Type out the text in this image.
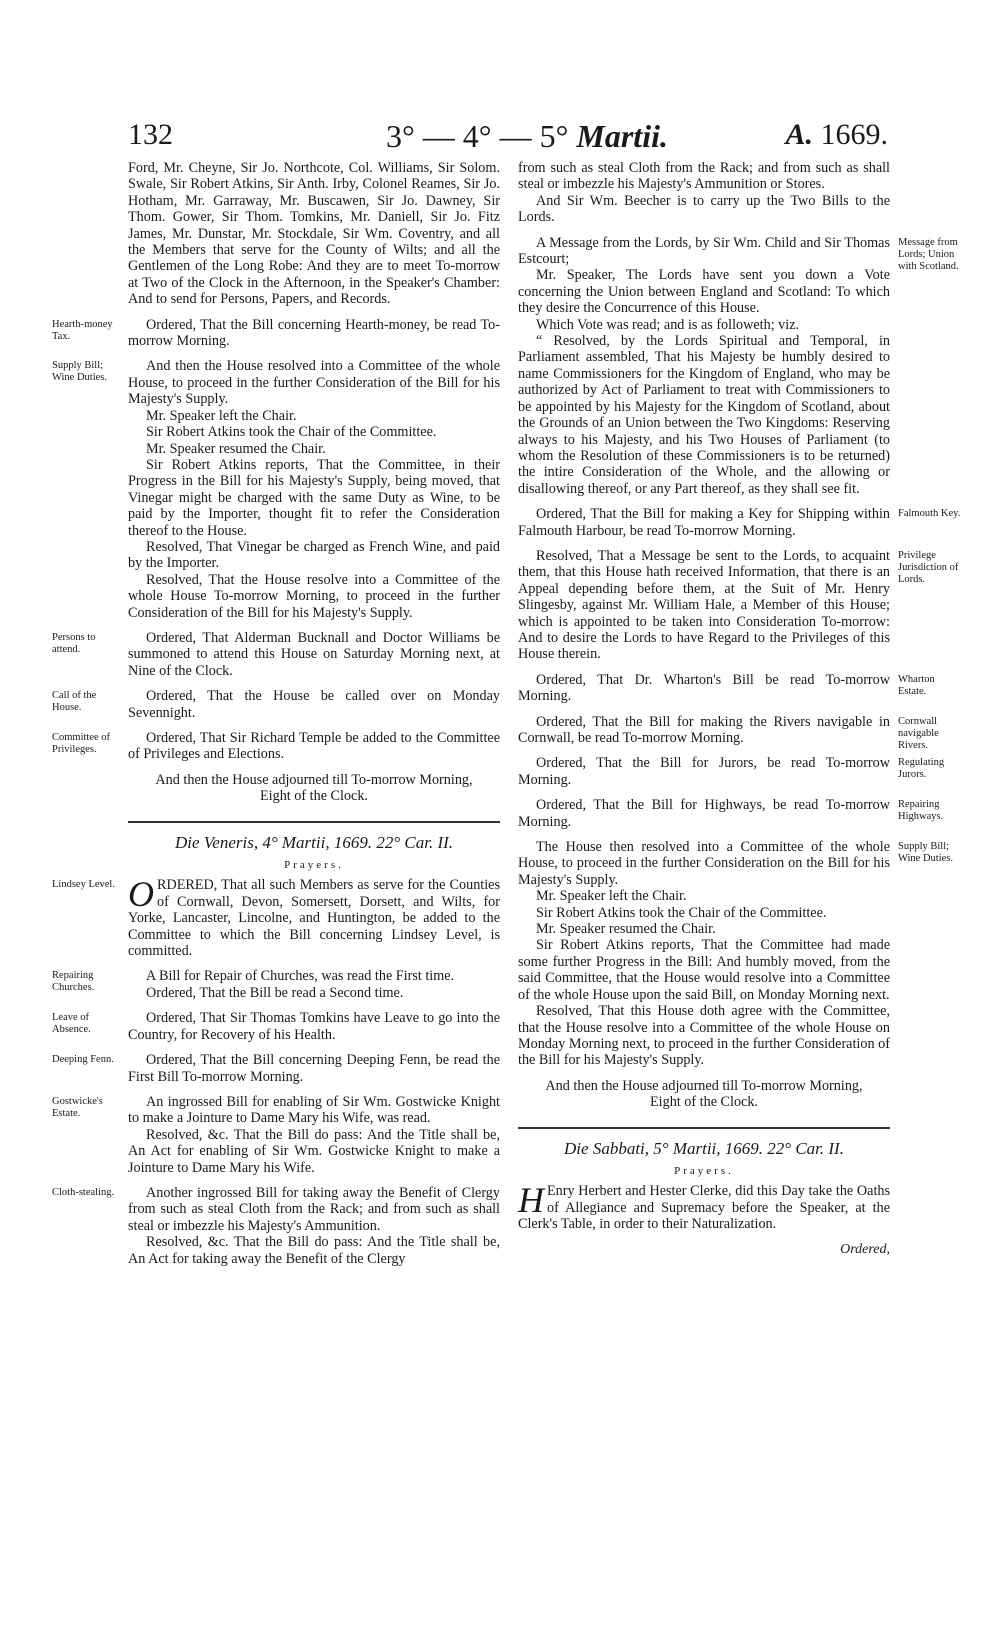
132	3° — 4° — 5° Martii.	A. 1669.

Ford, Mr. Cheyne, Sir Jo. Northcote, Col. Williams, Sir Solom. Swale, Sir Robert Atkins, Sir Anth. Irby, Colonel Reames, Sir Jo. Hotham, Mr. Garraway, Mr. Buscawen, Sir Jo. Dawney, Sir Thom. Gower, Sir Thom. Tomkins, Mr. Daniell, Sir Jo. Fitz James, Mr. Dunstar, Mr. Stockdale, Sir Wm. Coventry, and all the Members that serve for the County of Wilts; and all the Gentlemen of the Long Robe: And they are to meet To-morrow at Two of the Clock in the Afternoon, in the Speaker's Chamber: And to send for Persons, Papers, and Records.

Hearth-money Tax.

Ordered, That the Bill concerning Hearth-money, be read To-morrow Morning.

Supply Bill; Wine Duties.

And then the House resolved into a Committee of the whole House, to proceed in the further Consideration of the Bill for his Majesty's Supply.

Mr. Speaker left the Chair.

Sir Robert Atkins took the Chair of the Committee.

Mr. Speaker resumed the Chair.

Sir Robert Atkins reports, That the Committee, in their Progress in the Bill for his Majesty's Supply, being moved, that Vinegar might be charged with the same Duty as Wine, to be paid by the Importer, thought fit to refer the Consideration thereof to the House.

Resolved, That Vinegar be charged as French Wine, and paid by the Importer.

Resolved, That the House resolve into a Committee of the whole House To-morrow Morning, to proceed in the further Consideration of the Bill for his Majesty's Supply.

Persons to attend.

Ordered, That Alderman Bucknall and Doctor Williams be summoned to attend this House on Saturday Morning next, at Nine of the Clock.

Call of the House.

Ordered, That the House be called over on Monday Sevennight.

Committee of Privileges.

Ordered, That Sir Richard Temple be added to the Committee of Privileges and Elections.

And then the House adjourned till To-morrow Morning, Eight of the Clock.

Die Veneris, 4° Martii, 1669. 22° Car. II.
Prayers.
Lindsey Level. ORDERED, That all such Members as serve for the Counties of Cornwall, Devon, Somersett, Dorsett, and Wilts, for Yorke, Lancaster, Lincolne, and Huntington, be added to the Committee to which the Bill concerning Lindsey Level, is committed.

Repairing Churches.

A Bill for Repair of Churches, was read the First time.

Ordered, That the Bill be read a Second time.

Leave of Absence.

Ordered, That Sir Thomas Tomkins have Leave to go into the Country, for Recovery of his Health.

Deeping Fenn.	Ordered, That the Bill concerning Deeping Fenn, be read the First Bill To-morrow Morning.

Gostwicke's Estate.

An ingrossed Bill for enabling of Sir Wm. Gostwicke Knight to make a Jointure to Dame Mary his Wife, was read.

Resolved, &c. That the Bill do pass: And the Title shall be, An Act for enabling of Sir Wm. Gostwicke Knight to make a Jointure to Dame Mary his Wife.

Cloth-stealing.	Another ingrossed Bill for taking away the Benefit of Clergy from such as steal Cloth from the Rack; and from such as shall steal or imbezzle his Majesty's Ammunition.

Resolved, &c. That the Bill do pass: And the Title shall be, An Act for taking away the Benefit of the Clergy

from such as steal Cloth from the Rack; and from such as shall steal or imbezzle his Majesty's Ammunition or Stores.

And Sir Wm. Beecher is to carry up the Two Bills to the Lords.

Message from Lords; Union with Scotland.

A Message from the Lords, by Sir Wm. Child and Sir Thomas Estcourt;

Mr. Speaker, The Lords have sent you down a Vote concerning the Union between England and Scotland: To which they desire the Concurrence of this House.

Which Vote was read; and is as followeth; viz.

“ Resolved, by the Lords Spiritual and Temporal, in Parliament assembled, That his Majesty be humbly desired to name Commissioners for the Kingdom of England, who may be authorized by Act of Parliament to treat with Commissioners to be appointed by his Majesty for the Kingdom of Scotland, about the Grounds of an Union between the Two Kingdoms: Reserving always to his Majesty, and his Two Houses of Parliament (to whom the Resolution of these Commissioners is to be returned) the intire Consideration of the Whole, and the allowing or disallowing thereof, or any Part thereof, as they shall see fit.

Falmouth Key.

Ordered, That the Bill for making a Key for Shipping within Falmouth Harbour, be read To-morrow Morning.

Privilege Jurisdiction of Lords.

Resolved, That a Message be sent to the Lords, to acquaint them, that this House hath received Information, that there is an Appeal depending before them, at the Suit of Mr. Henry Slingesby, against Mr. William Hale, a Member of this House; which is appointed to be taken into Consideration To-morrow: And to desire the Lords to have Regard to the Privileges of this House therein.

Wharton Estate.

Ordered, That Dr. Wharton's Bill be read To-morrow Morning.

Cornwall navigable Rivers.

Ordered, That the Bill for making the Rivers navigable in Cornwall, be read To-morrow Morning.

Regulating Jurors.

Ordered, That the Bill for Jurors, be read To-morrow Morning.

Repairing Highways.

Ordered, That the Bill for Highways, be read To-morrow Morning.

Supply Bill; Wine Duties.

The House then resolved into a Committee of the whole House, to proceed in the further Consideration on the Bill for his Majesty's Supply.

Mr. Speaker left the Chair.

Sir Robert Atkins took the Chair of the Committee.

Mr. Speaker resumed the Chair.

Sir Robert Atkins reports, That the Committee had made some further Progress in the Bill: And humbly moved, from the said Committee, that the House would resolve into a Committee of the whole House upon the said Bill, on Monday Morning next.

Resolved, That this House doth agree with the Committee, that the House resolve into a Committee of the whole House on Monday Morning next, to proceed in the further Consideration of the Bill for his Majesty's Supply.

And then the House adjourned till To-morrow Morning, Eight of the Clock.

Die Sabbati, 5° Martii, 1669. 22° Car. II.
Prayers.

H Enry Herbert and Hester Clerke, did this Day take the Oaths of Allegiance and Supremacy before the Speaker, at the Clerk's Table, in order to their Naturalization.

Ordered,
